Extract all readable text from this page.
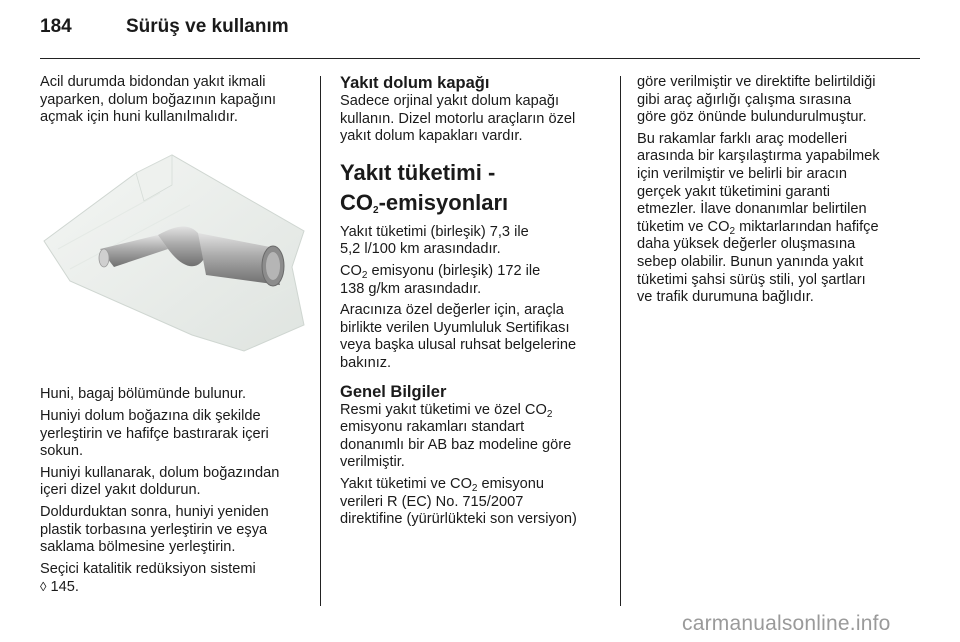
184	Sürüş ve kullanım

Acil durumda bidondan yakıt ikmali
yaparken, dolum boğazının kapağını
açmak için huni kullanılmalıdır.

Huni, bagaj bölümünde bulunur.

Huniyi dolum boğazına dik şekilde
yerleştirin ve hafifçe bastırarak içeri
sokun.

Huniyi kullanarak, dolum boğazından
içeri dizel yakıt doldurun.

Doldurduktan sonra, huniyi yeniden
plastik torbasına yerleştirin ve eşya
saklama bölmesine yerleştirin.

Seçici katalitik redüksiyon sistemi
◊ 145.

Yakıt dolum kapağı

Sadece orjinal yakıt dolum kapağı
kullanın. Dizel motorlu araçların özel
yakıt dolum kapakları vardır.

Yakıt tüketimi -
$CO_2$-emisyonları

Yakıt tüketimi (birleşik) 7,3 ile
5,2 l/100 km arasındadır.

$CO_2$ emisyonu (birleşik) 172 ile
138 g/km arasındadır.

Aracınıza özel değerler için, araçla
birlikte verilen Uyumluluk Sertifikası
veya başka ulusal ruhsat belgelerine
bakınız.

Genel Bilgiler

Resmi yakıt tüketimi ve özel $CO_2$
emisyonu rakamları standart
donanımlı bir AB baz modeline göre
verilmiştir.

Yakıt tüketimi ve $CO_2$ emisyonu
verileri R (EC) No. 715/2007
direktifine (yürürlükteki son versiyon)

göre verilmiştir ve direktifte belirtildiği
gibi araç ağırlığı çalışma sırasına
göre göz önünde bulundurulmuştur.

Bu rakamlar farklı araç modelleri
arasında bir karşılaştırma yapabilmek
için verilmiştir ve belirli bir aracın
gerçek yakıt tüketimini garanti
etmezler. İlave donanımlar belirtilen
tüketim ve $CO_2$ miktarlarından hafifçe
daha yüksek değerler oluşmasına
sebep olabilir. Bunun yanında yakıt
tüketimi şahsi sürüş stili, yol şartları
ve trafik durumuna bağlıdır.

carmanualsonline.info
